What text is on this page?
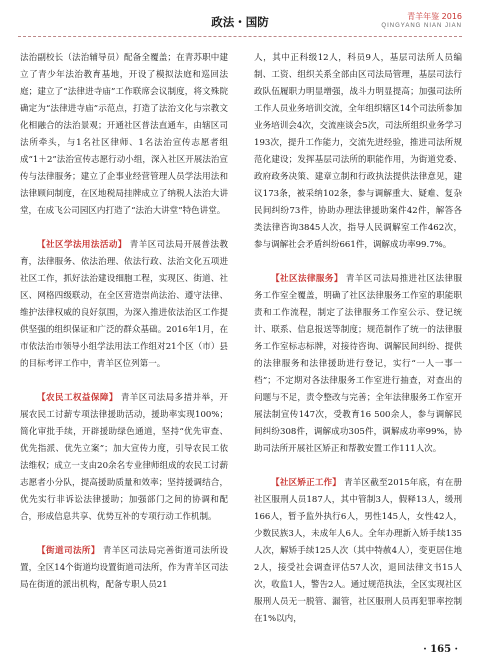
政法・国防	青羊年鉴 2016
QINGYANG NIAN JIAN

法治副校长（法治辅导员）配备全覆盖；在青苏职中建立了青少年法治教育基地，开设了模拟法庭和巡回法庭；建立了“法律进寺庙”工作联席会议制度，将文殊院确定为“法律进寺庙”示范点，打造了法治文化与宗教文化相融合的法治景观；开通社区普法直通车，由辖区司法所牵头，与1名社区律师、1名法治宣传志愿者组成“1＋2”法治宣传志愿行动小组，深入社区开展法治宣传与法律服务；建立了企事业经营管理人员学法用法和法律顾问制度，在区地税局挂牌成立了纳税人法治大讲堂，在成飞公司园区内打造了“法治大讲堂”特色讲堂。

【社区学法用法活动】 青羊区司法局开展普法教育，法律服务、依法治理、依法行政、法治文化五项进社区工作，抓好法治建设细胞工程，实现区、街道、社区、网格四级联动，在全区营造崇尚法治、遵守法律、维护法律权威的良好氛围，为深入推进依法治区工作提供坚强的组织保证和广泛的群众基础。2016年1月，在市依法治市领导小组学法用法工作组对21个区（市）县的目标考评工作中，青羊区位列第一。

【农民工权益保障】 青羊区司法局多措并举，开展农民工讨薪专项法律援助活动，援助率实现100%；简化审批手续，开辟援助绿色通道，坚持“优先审查、优先指派、优先立案”；加大宣传力度，引导农民工依法维权；成立一支由20余名专业律师组成的农民工讨薪志愿者小分队，提高援助质量和效率；坚持援调结合，优先实行非诉讼法律援助；加强部门之间的协调和配合，形成信息共享、优势互补的专项行动工作机制。

【街道司法所】 青羊区司法局完善街道司法所设置，全区14个街道均设置街道司法所，作为青羊区司法局在街道的派出机构，配备专职人员21

人，其中正科级12人，科员9人，基层司法所人员编制、工资、组织关系全部由区司法局管理，基层司法行政队伍履职力明显增强，战斗力明显提高；加强司法所工作人员业务培训交流，全年组织辖区14个司法所参加业务培训会4次，交流座谈会5次，司法所组织业务学习193次，提升工作能力，交流先进经验，推进司法所规范化建设；发挥基层司法所的职能作用，为街道党委、政府政务决策、建章立制和行政执法提供法律意见，建议173条，被采纳102条，参与调解重大、疑难、复杂民间纠纷73件，协助办理法律援助案件42件，解答各类法律咨询3845人次，指导人民调解室工作462次，参与调解社会矛盾纠纷661件，调解成功率99.7%。

【社区法律服务】 青羊区司法局推进社区法律服务工作室全覆盖，明确了社区法律服务工作室的职能职责和工作流程，制定了法律服务工作室公示、登记统计、联系、信息报送等制度；规范制作了统一的法律服务工作室标志标牌，对接待咨询、调解民间纠纷、提供的法律服务和法律援助进行登记，实行“一人一事一档”；不定期对各法律服务工作室进行抽查，对查出的问题与不足，责令整改与完善；全年法律服务工作室开展法制宣传147次，受教育16 500余人，参与调解民间纠纷308件，调解成功305件，调解成功率99%，协助司法所开展社区矫正和帮教安置工作111人次。

【社区矫正工作】 青羊区截至2015年底，有在册社区服刑人员187人，其中管制3人，假释13人，缓刑166人，暂予监外执行6人，男性145人，女性42人，少数民族3人，未成年人6人。全年办理新入矫手续135人次，解矫手续125人次（其中特赦4人），变更居住地2人，接受社会调查评估57人次，退回法律文书15人次，收监1人，警告2人。通过规范执法，全区实现社区服刑人员无一脱管、漏管，社区服刑人员再犯罪率控制在1%以内，

· 165 ·
